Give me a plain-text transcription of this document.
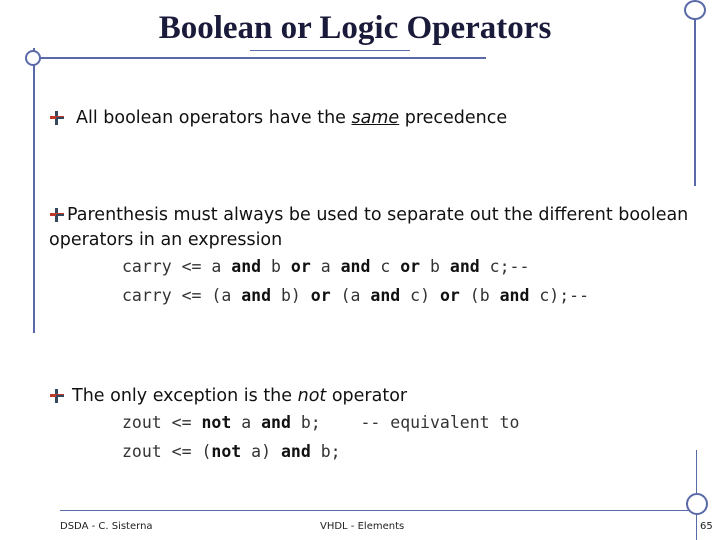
Boolean or Logic Operators
All boolean operators have the same precedence
Parenthesis must always be used to separate out the different boolean
operators in an expression
carry <= a and b or a and c or b and c;--
carry <= (a and b) or (a and c) or (b and c);--
The only exception is the not operator
zout <= not a and b;    -- equivalent to
zout <= (not a) and b;
DSDA - C. Sisterna	VHDL - Elements	65
